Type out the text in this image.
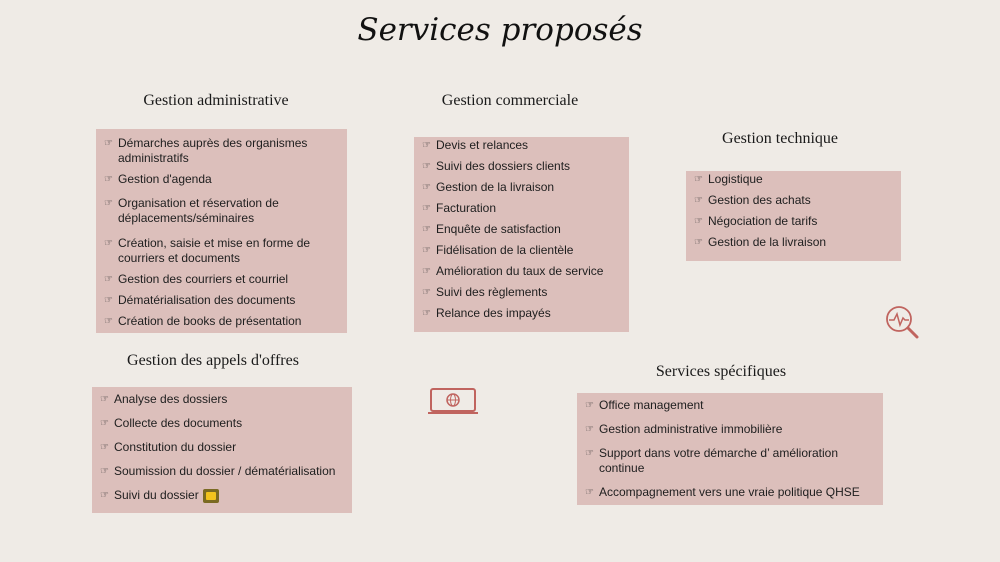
Services proposés
Gestion administrative
☞ Démarches auprès des organismes administratifs
☞ Gestion d'agenda
☞ Organisation et réservation de déplacements/séminaires
☞ Création, saisie et mise en forme de courriers et documents
☞ Gestion des courriers et courriel
☞ Dématérialisation des documents
☞ Création de books de présentation
Gestion commerciale
☞ Devis et relances
☞ Suivi des dossiers clients
☞ Gestion de la livraison
☞ Facturation
☞ Enquête de satisfaction
☞ Fidélisation de la clientèle
☞ Amélioration du taux de service
☞ Suivi des règlements
☞ Relance des impayés
Gestion technique
☞ Logistique
☞ Gestion des achats
☞ Négociation de tarifs
☞ Gestion de la livraison
Gestion des appels d'offres
☞ Analyse des dossiers
☞ Collecte des documents
☞ Constitution du dossier
☞ Soumission du dossier / dématérialisation
☞ Suivi du dossier
Services spécifiques
☞ Office management
☞ Gestion administrative immobilière
☞ Support dans votre démarche d’ amélioration continue
☞ Accompagnement vers une vraie politique QHSE
